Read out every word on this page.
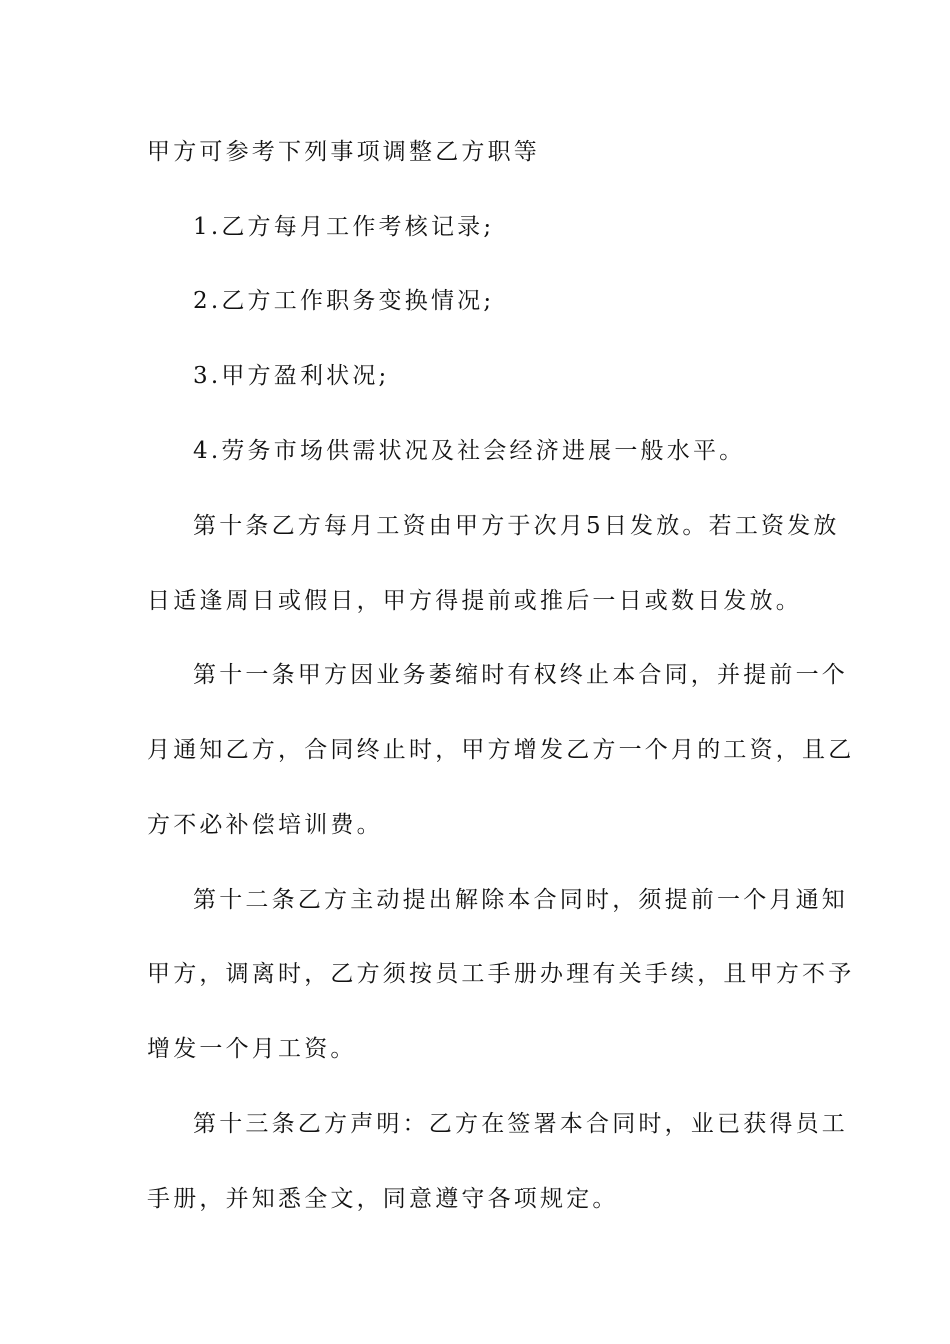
甲方可参考下列事项调整乙方职等

1.乙方每月工作考核记录;

2.乙方工作职务变换情况;

3.甲方盈利状况;

4.劳务市场供需状况及社会经济进展一般水平。

第十条乙方每月工资由甲方于次月5日发放。若工资发放

日适逢周日或假日，甲方得提前或推后一日或数日发放。

第十一条甲方因业务萎缩时有权终止本合同，并提前一个

月通知乙方，合同终止时，甲方增发乙方一个月的工资，且乙

方不必补偿培训费。

第十二条乙方主动提出解除本合同时，须提前一个月通知

甲方，调离时，乙方须按员工手册办理有关手续，且甲方不予

增发一个月工资。

第十三条乙方声明：乙方在签署本合同时，业已获得员工

手册，并知悉全文，同意遵守各项规定。
